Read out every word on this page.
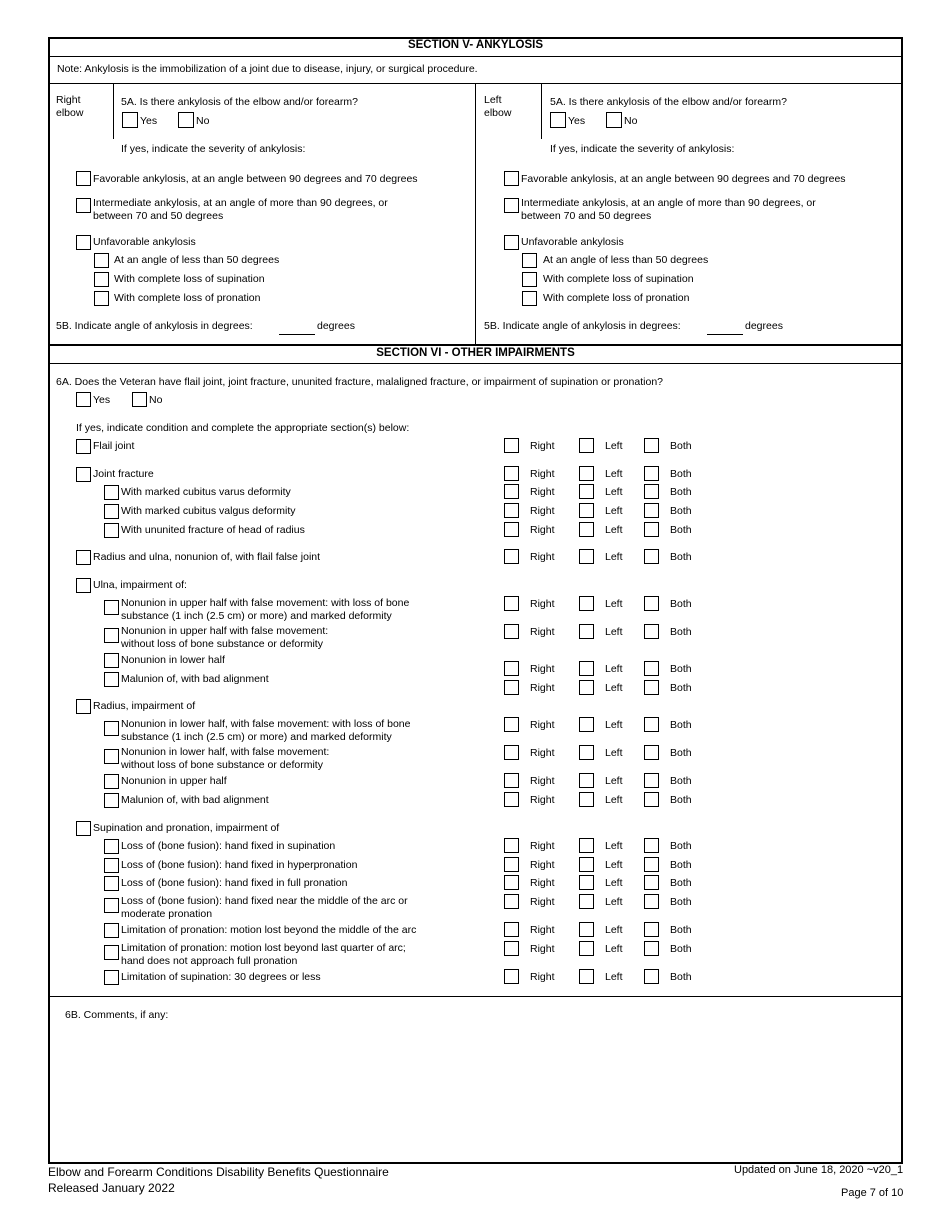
SECTION V- ANKYLOSIS
Note: Ankylosis is the immobilization of a joint due to disease, injury, or surgical procedure.
Right
elbow
5A. Is there ankylosis of the elbow and/or forearm?
Yes	No
If yes, indicate the severity of ankylosis:
Favorable ankylosis, at an angle between 90 degrees and 70 degrees
Intermediate ankylosis, at an angle of more than 90 degrees, or
between 70 and 50 degrees
Unfavorable ankylosis
At an angle of less than 50 degrees
With complete loss of supination
With complete loss of pronation
5B. Indicate angle of ankylosis in degrees:	degrees
Left
elbow
5A. Is there ankylosis of the elbow and/or forearm?
Yes	No
If yes, indicate the severity of ankylosis:
Favorable ankylosis, at an angle between 90 degrees and 70 degrees
Intermediate ankylosis, at an angle of more than 90 degrees, or
between 70 and 50 degrees
Unfavorable ankylosis
At an angle of less than 50 degrees
With complete loss of supination
With complete loss of pronation
5B. Indicate angle of ankylosis in degrees:	degrees
SECTION VI - OTHER IMPAIRMENTS
6A. Does the Veteran have flail joint, joint fracture, ununited fracture, malaligned fracture, or impairment of supination or pronation?
Yes	No
If yes, indicate condition and complete the appropriate section(s) below:
Flail joint	Right	Left	Both
Joint fracture	Right	Left	Both
With marked cubitus varus deformity	Right	Left	Both
With marked cubitus valgus deformity	Right	Left	Both
With ununited fracture of head of radius	Right	Left	Both
Radius and ulna, nonunion of, with flail false joint	Right	Left	Both
Ulna, impairment of:
Nonunion in upper half with false movement: with loss of bone
substance (1 inch (2.5 cm) or more) and marked deformity
Right	Left	Both
Nonunion in upper half with false movement:
without loss of bone substance or deformity
Right	Left	Both
Nonunion in lower half
Right	Left	Both
Malunion of, with bad alignment
Right	Left	Both
Radius, impairment of
Nonunion in lower half, with false movement: with loss of bone
substance (1 inch (2.5 cm) or more) and marked deformity
Right	Left	Both
Nonunion in lower half, with false movement:
without loss of bone substance or deformity
Right	Left	Both
Nonunion in upper half	Right	Left	Both
Malunion of, with bad alignment	Right	Left	Both
Supination and pronation, impairment of
Loss of (bone fusion): hand fixed in supination	Right	Left	Both
Loss of (bone fusion): hand fixed in hyperpronation	Right	Left	Both
Loss of (bone fusion): hand fixed in full pronation	Right	Left	Both
Loss of (bone fusion): hand fixed near the middle of the arc or
moderate pronation
Right	Left	Both
Limitation of pronation: motion lost beyond the middle of the arc	Right	Left	Both
Limitation of pronation: motion lost beyond last quarter of arc;
hand does not approach full pronation
Right	Left	Both
Limitation of supination: 30 degrees or less	Right	Left	Both
6B. Comments, if any:
Elbow and Forearm Conditions Disability Benefits Questionnaire
Released January 2022
Updated on June 18, 2020 ~v20_1
Page 7 of 10
